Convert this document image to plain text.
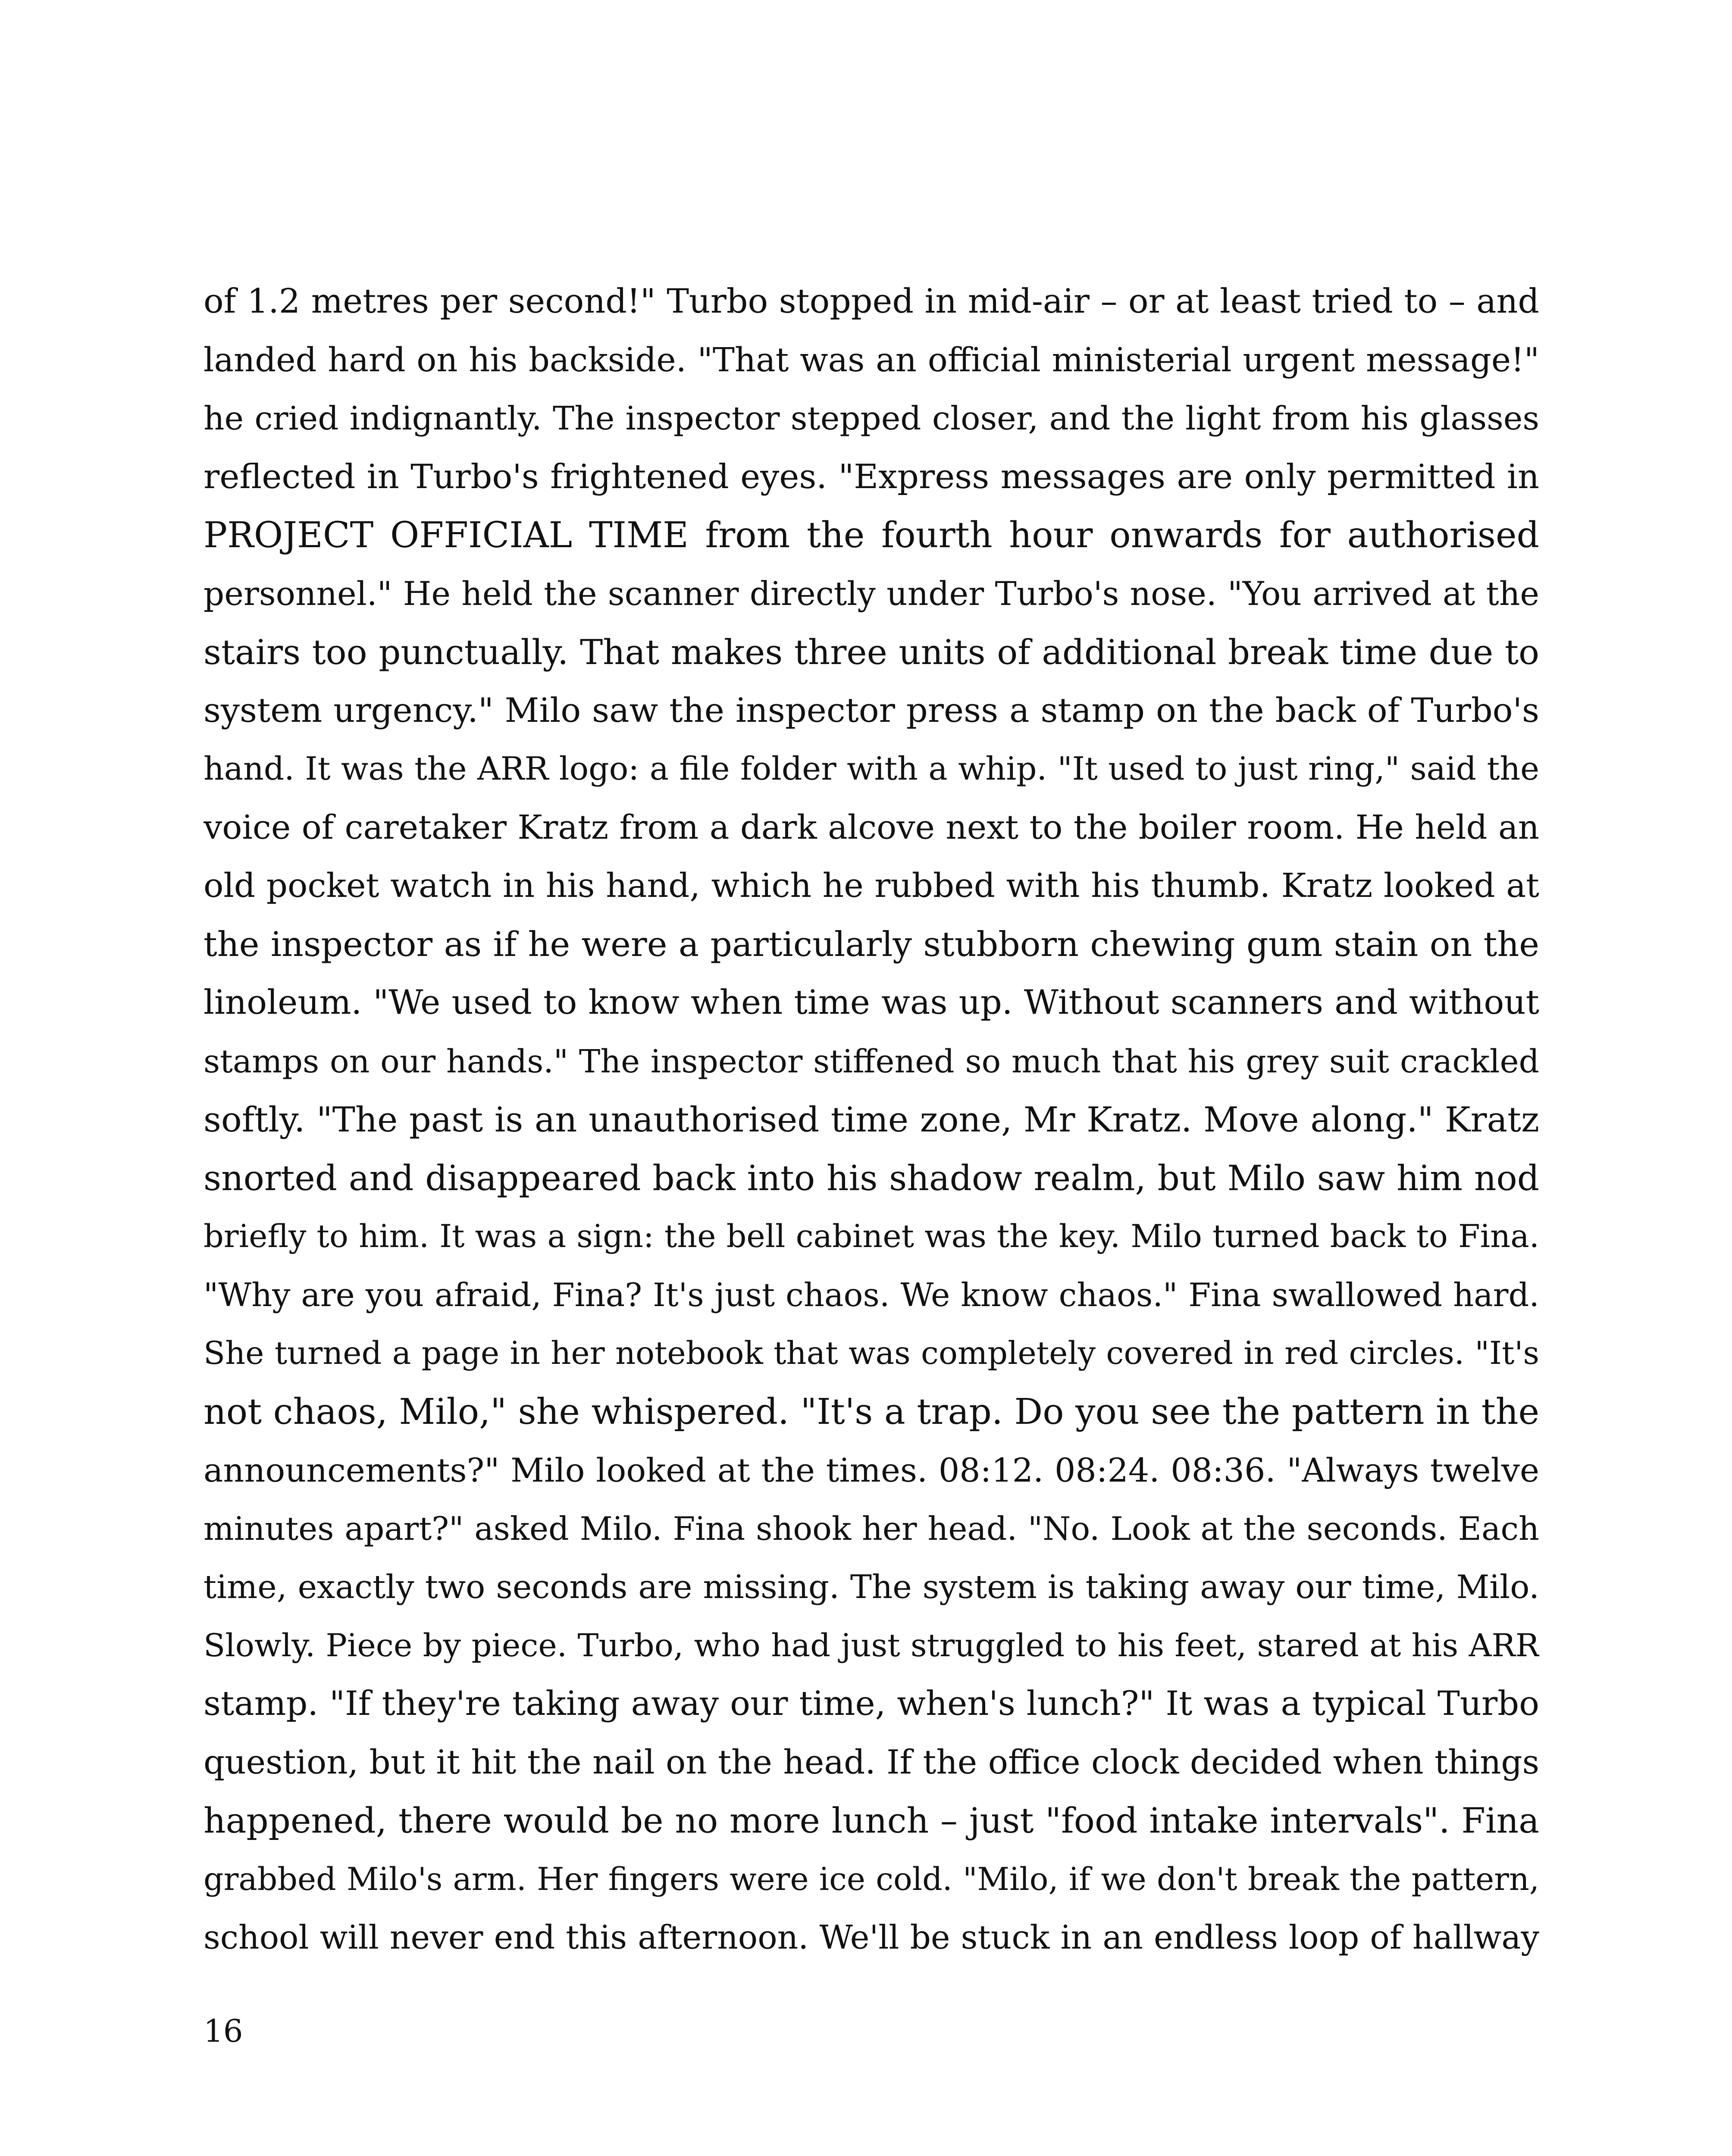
of 1.2 metres per second!" Turbo stopped in mid-air – or at least tried to – and
landed hard on his backside. "That was an official ministerial urgent message!"
he cried indignantly. The inspector stepped closer, and the light from his glasses
reflected in Turbo's frightened eyes. "Express messages are only permitted in
PROJECT OFFICIAL TIME from the fourth hour onwards for authorised
personnel." He held the scanner directly under Turbo's nose. "You arrived at the
stairs too punctually. That makes three units of additional break time due to
system urgency." Milo saw the inspector press a stamp on the back of Turbo's
hand. It was the ARR logo: a file folder with a whip. "It used to just ring," said the
voice of caretaker Kratz from a dark alcove next to the boiler room. He held an
old pocket watch in his hand, which he rubbed with his thumb. Kratz looked at
the inspector as if he were a particularly stubborn chewing gum stain on the
linoleum. "We used to know when time was up. Without scanners and without
stamps on our hands." The inspector stiffened so much that his grey suit crackled
softly. "The past is an unauthorised time zone, Mr Kratz. Move along." Kratz
snorted and disappeared back into his shadow realm, but Milo saw him nod
briefly to him. It was a sign: the bell cabinet was the key. Milo turned back to Fina.
"Why are you afraid, Fina? It's just chaos. We know chaos." Fina swallowed hard.
She turned a page in her notebook that was completely covered in red circles. "It's
not chaos, Milo," she whispered. "It's a trap. Do you see the pattern in the
announcements?" Milo looked at the times. 08:12. 08:24. 08:36. "Always twelve
minutes apart?" asked Milo. Fina shook her head. "No. Look at the seconds. Each
time, exactly two seconds are missing. The system is taking away our time, Milo.
Slowly. Piece by piece. Turbo, who had just struggled to his feet, stared at his ARR
stamp. "If they're taking away our time, when's lunch?" It was a typical Turbo
question, but it hit the nail on the head. If the office clock decided when things
happened, there would be no more lunch – just "food intake intervals". Fina
grabbed Milo's arm. Her fingers were ice cold. "Milo, if we don't break the pattern,
school will never end this afternoon. We'll be stuck in an endless loop of hallway
16
